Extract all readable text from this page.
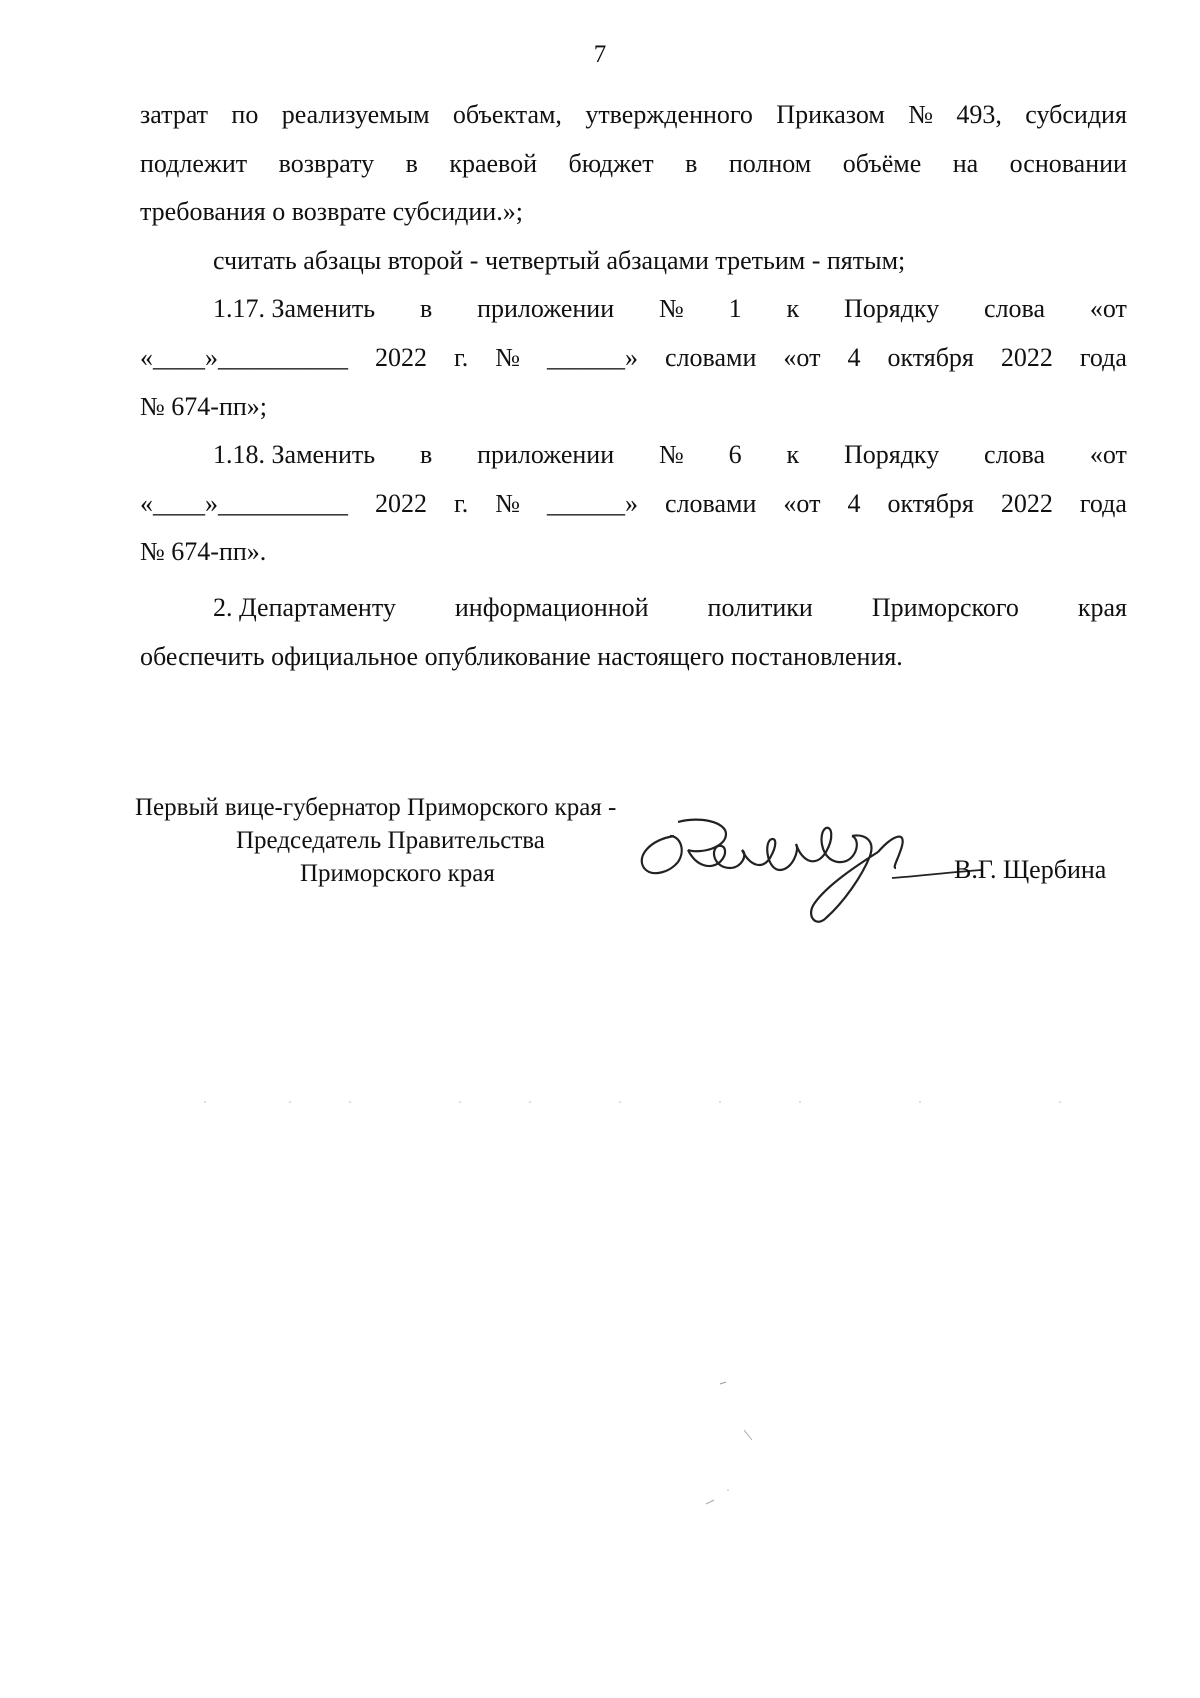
7
затрат по реализуемым объектам, утвержденного Приказом № 493, субсидия
подлежит возврату в краевой бюджет в полном объёме на основании
требования о возврате субсидии.»;
считать абзацы второй - четвертый абзацами третьим - пятым;
1.17. Заменить в приложении № 1 к Порядку слова «от
«____»__________ 2022 г. № ______» словами «от 4 октября 2022 года
№ 674-пп»;
1.18. Заменить в приложении № 6 к Порядку слова «от
«____»__________ 2022 г. № ______» словами «от 4 октября 2022 года
№ 674-пп».
2. Департаменту информационной политики Приморского края
обеспечить официальное опубликование настоящего постановления.
Первый вице-губернатор Приморского края -
Председатель Правительства
Приморского края	В.Г. Щербина
